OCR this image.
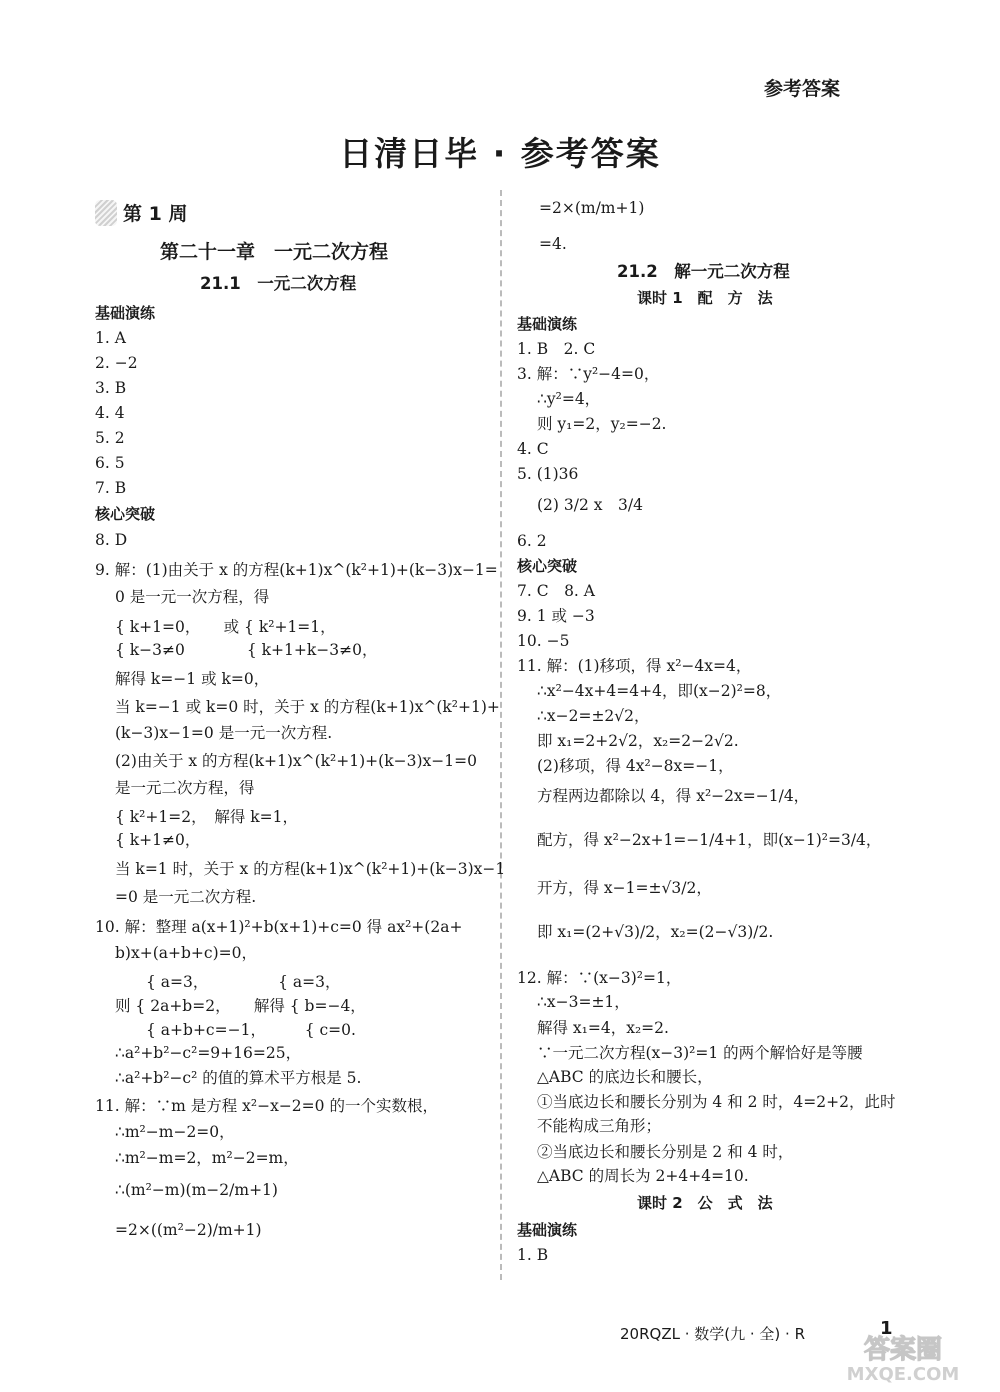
参考答案
日清日毕 · 参考答案
第 1 周
第二十一章　一元二次方程
21.1　一元二次方程
基础演练
1. A
2. −2
3. B
4. 4
5. 2
6. 5
7. B
核心突破
8. D
9. 解：(1)由关于 x 的方程(k+1)x^(k²+1)+(k−3)x−1=
0 是一元一次方程，得
{ k+1=0，　　或 { k²+1=1，
{ k−3≠0　　　　{ k+1+k−3≠0，
解得 k=−1 或 k=0，
当 k=−1 或 k=0 时，关于 x 的方程(k+1)x^(k²+1)+
(k−3)x−1=0 是一元一次方程.
(2)由关于 x 的方程(k+1)x^(k²+1)+(k−3)x−1=0
是一元二次方程，得
{ k²+1=2，　解得 k=1，
{ k+1≠0，
当 k=1 时，关于 x 的方程(k+1)x^(k²+1)+(k−3)x−1
=0 是一元二次方程.
10. 解：整理 a(x+1)²+b(x+1)+c=0 得 ax²+(2a+
b)x+(a+b+c)=0，
　　{ a=3，　　　　　{ a=3，
则 { 2a+b=2，　　解得 { b=−4，
　　{ a+b+c=−1，　　　{ c=0.
∴a²+b²−c²=9+16=25，
∴a²+b²−c² 的值的算术平方根是 5.
11. 解：∵m 是方程 x²−x−2=0 的一个实数根，
∴m²−m−2=0，
∴m²−m=2，m²−2=m，
∴(m²−m)(m−2/m+1)
=2×((m²−2)/m+1)
=2×(m/m+1)
=4.
21.2　解一元二次方程
课时 1　配　方　法
基础演练
1. B　2. C
3. 解：∵y²−4=0，
∴y²=4，
则 y₁=2，y₂=−2.
4. C
5. (1)36
(2) 3/2 x　3/4
6. 2
核心突破
7. C　8. A
9. 1 或 −3
10. −5
11. 解：(1)移项，得 x²−4x=4，
∴x²−4x+4=4+4，即(x−2)²=8，
∴x−2=±2√2，
即 x₁=2+2√2，x₂=2−2√2.
(2)移项，得 4x²−8x=−1，
方程两边都除以 4，得 x²−2x=−1/4，
配方，得 x²−2x+1=−1/4+1，即(x−1)²=3/4，
开方，得 x−1=±√3/2，
即 x₁=(2+√3)/2，x₂=(2−√3)/2.
12. 解：∵(x−3)²=1，
∴x−3=±1，
解得 x₁=4，x₂=2.
∵一元二次方程(x−3)²=1 的两个解恰好是等腰
△ABC 的底边长和腰长，
①当底边长和腰长分别为 4 和 2 时，4=2+2，此时
不能构成三角形；
②当底边长和腰长分别是 2 和 4 时，
△ABC 的周长为 2+4+4=10.
课时 2　公　式　法
基础演练
1. B
20RQZL · 数学(九 · 全) · R	1
答案圈
MXQE.COM
